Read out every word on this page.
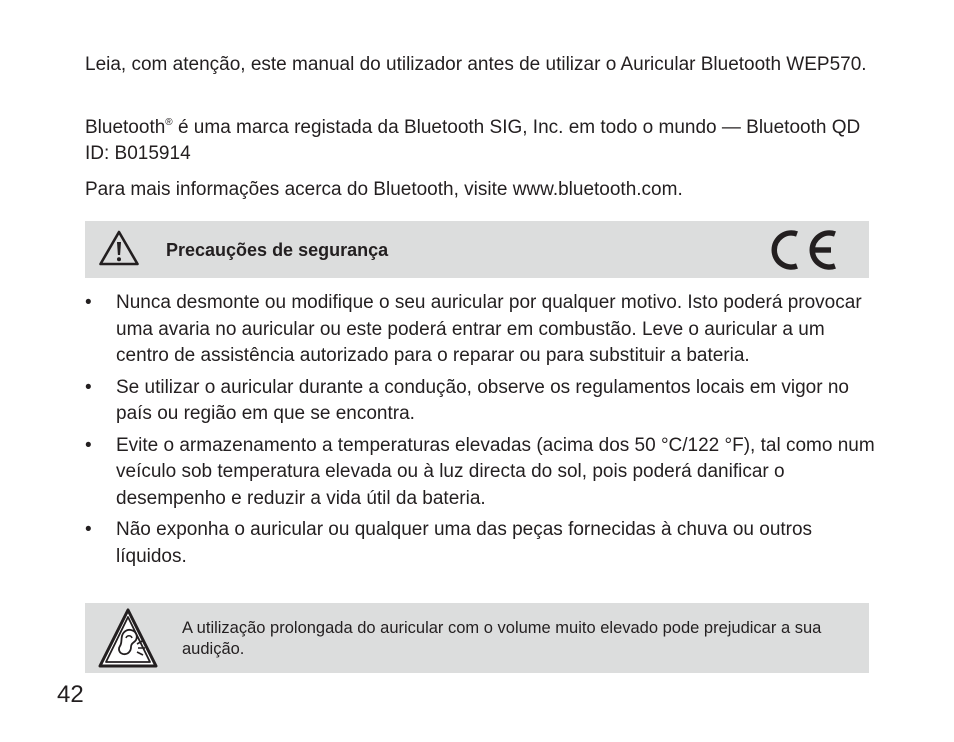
Leia, com atenção, este manual do utilizador antes de utilizar o Auricular Bluetooth WEP570.

Bluetooth® é uma marca registada da Bluetooth SIG, Inc. em todo o mundo — Bluetooth QD ID: B015914

Para mais informações acerca do Bluetooth, visite www.bluetooth.com.

Precauções de segurança
• Nunca desmonte ou modifique o seu auricular por qualquer motivo. Isto poderá provocar uma avaria no auricular ou este poderá entrar em combustão. Leve o auricular a um centro de assistência autorizado para o reparar ou para substituir a bateria.
• Se utilizar o auricular durante a condução, observe os regulamentos locais em vigor no país ou região em que se encontra.
• Evite o armazenamento a temperaturas elevadas (acima dos 50 °C/122 °F), tal como num veículo sob temperatura elevada ou à luz directa do sol, pois poderá danificar o desempenho e reduzir a vida útil da bateria.
• Não exponha o auricular ou qualquer uma das peças fornecidas à chuva ou outros líquidos.
A utilização prolongada do auricular com o volume muito elevado pode prejudicar a sua audição.
42
